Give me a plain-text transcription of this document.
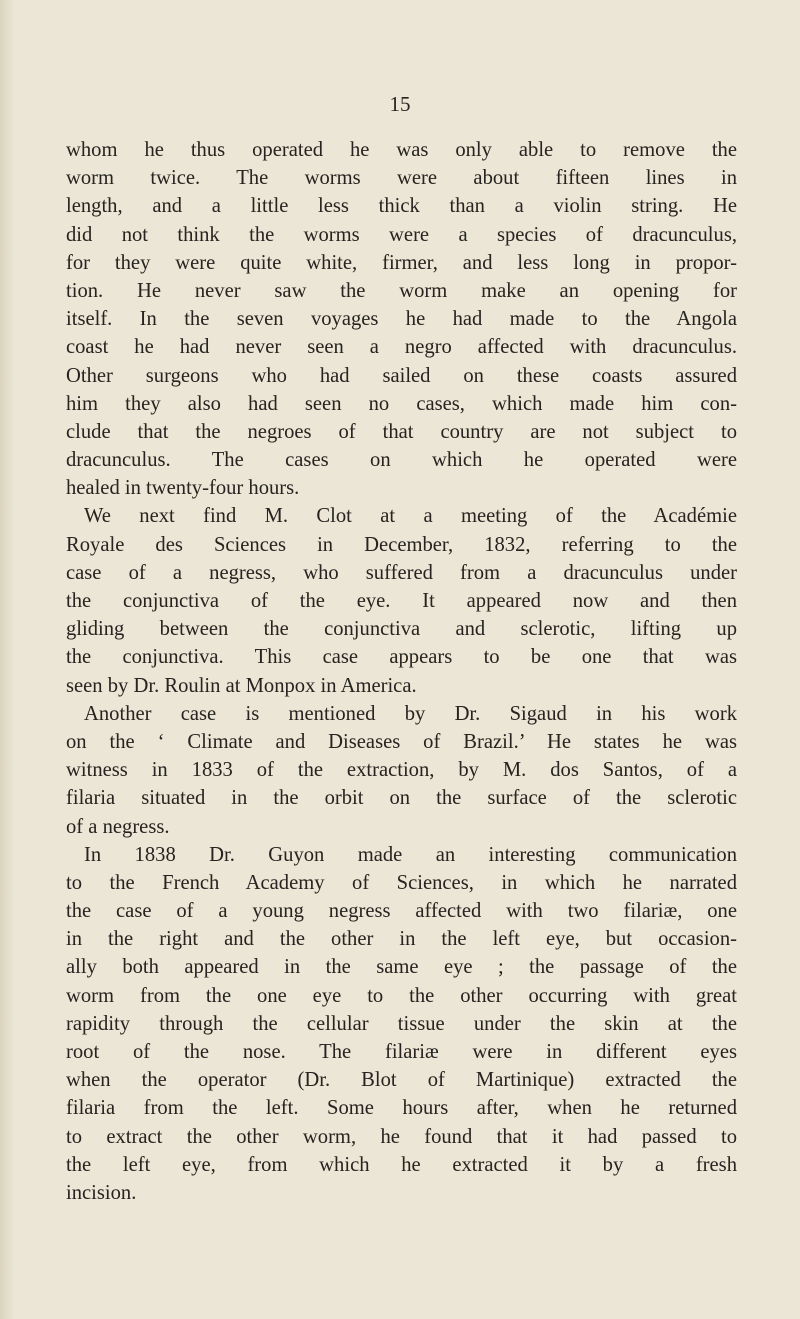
15
whom he thus operated he was only able to remove the
worm twice. The worms were about fifteen lines in
length, and a little less thick than a violin string. He
did not think the worms were a species of dracunculus,
for they were quite white, firmer, and less long in propor-
tion. He never saw the worm make an opening for
itself. In the seven voyages he had made to the Angola
coast he had never seen a negro affected with dracunculus.
Other surgeons who had sailed on these coasts assured
him they also had seen no cases, which made him con-
clude that the negroes of that country are not subject to
dracunculus. The cases on which he operated were
healed in twenty-four hours.
We next find M. Clot at a meeting of the Académie
Royale des Sciences in December, 1832, referring to the
case of a negress, who suffered from a dracunculus under
the conjunctiva of the eye. It appeared now and then
gliding between the conjunctiva and sclerotic, lifting up
the conjunctiva. This case appears to be one that was
seen by Dr. Roulin at Monpox in America.
Another case is mentioned by Dr. Sigaud in his work
on the ‘ Climate and Diseases of Brazil.’ He states he was
witness in 1833 of the extraction, by M. dos Santos, of a
filaria situated in the orbit on the surface of the sclerotic
of a negress.
In 1838 Dr. Guyon made an interesting communication
to the French Academy of Sciences, in which he narrated
the case of a young negress affected with two filariæ, one
in the right and the other in the left eye, but occasion-
ally both appeared in the same eye ; the passage of the
worm from the one eye to the other occurring with great
rapidity through the cellular tissue under the skin at the
root of the nose. The filariæ were in different eyes
when the operator (Dr. Blot of Martinique) extracted the
filaria from the left. Some hours after, when he returned
to extract the other worm, he found that it had passed to
the left eye, from which he extracted it by a fresh
incision.
